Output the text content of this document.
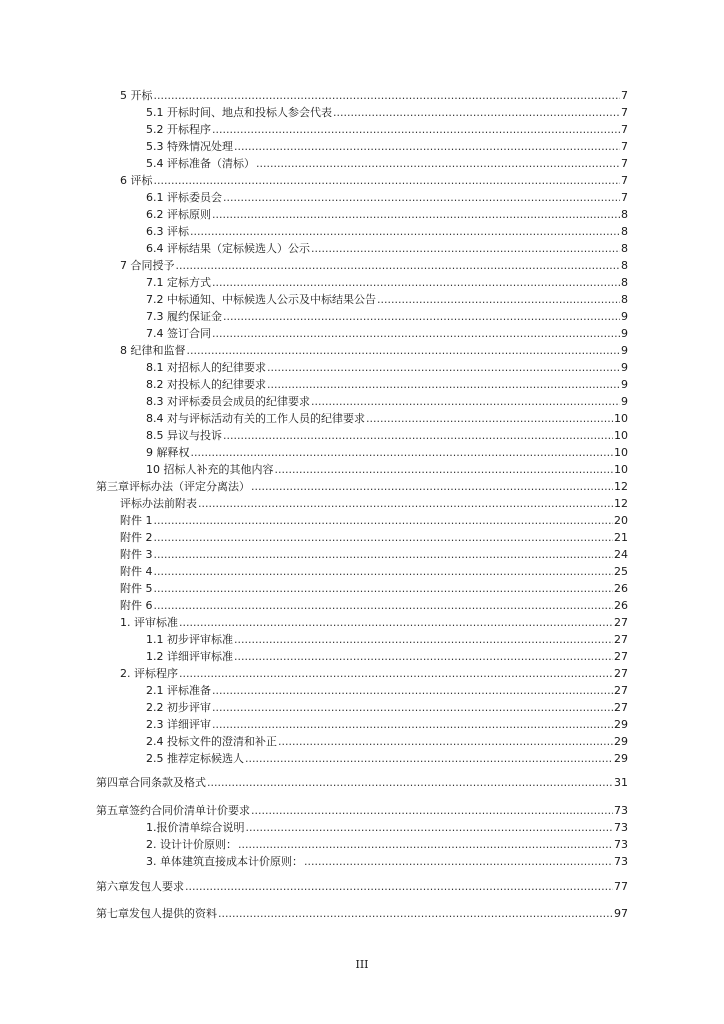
5 开标 .....	7
5.1 开标时间、地点和投标人参会代表 .....	7
5.2 开标程序 .....	7
5.3 特殊情况处理 .....	7
5.4 评标准备（清标） .....	7
6 评标 .....	7
6.1 评标委员会 .....	7
6.2 评标原则 .....	8
6.3 评标 .....	8
6.4 评标结果（定标候选人）公示 .....	8
7 合同授予 .....	8
7.1 定标方式 .....	8
7.2 中标通知、中标候选人公示及中标结果公告 .....	8
7.3 履约保证金 .....	9
7.4 签订合同 .....	9
8 纪律和监督 .....	9
8.1 对招标人的纪律要求 .....	9
8.2 对投标人的纪律要求 .....	9
8.3 对评标委员会成员的纪律要求 .....	9
8.4 对与评标活动有关的工作人员的纪律要求 .....	10
8.5 异议与投诉 .....	10
9 解释权 .....	10
10 招标人补充的其他内容 .....	10
第三章评标办法（评定分离法） .....	12
评标办法前附表 .....	12
附件 1 .....	20
附件 2 .....	21
附件 3 .....	24
附件 4 .....	25
附件 5 .....	26
附件 6 .....	26
1. 评审标准 .....	27
1.1 初步评审标准 .....	27
1.2 详细评审标准 .....	27
2. 评标程序 .....	27
2.1 评标准备 .....	27
2.2 初步评审 .....	27
2.3 详细评审 .....	29
2.4 投标文件的澄清和补正 .....	29
2.5 推荐定标候选人 .....	29
第四章合同条款及格式 .....	31
第五章签约合同价清单计价要求 .....	73
1.报价清单综合说明 .....	73
2. 设计计价原则： .....	73
3. 单体建筑直接成本计价原则： .....	73
第六章发包人要求 .....	77
第七章发包人提供的资料 .....	97
III
